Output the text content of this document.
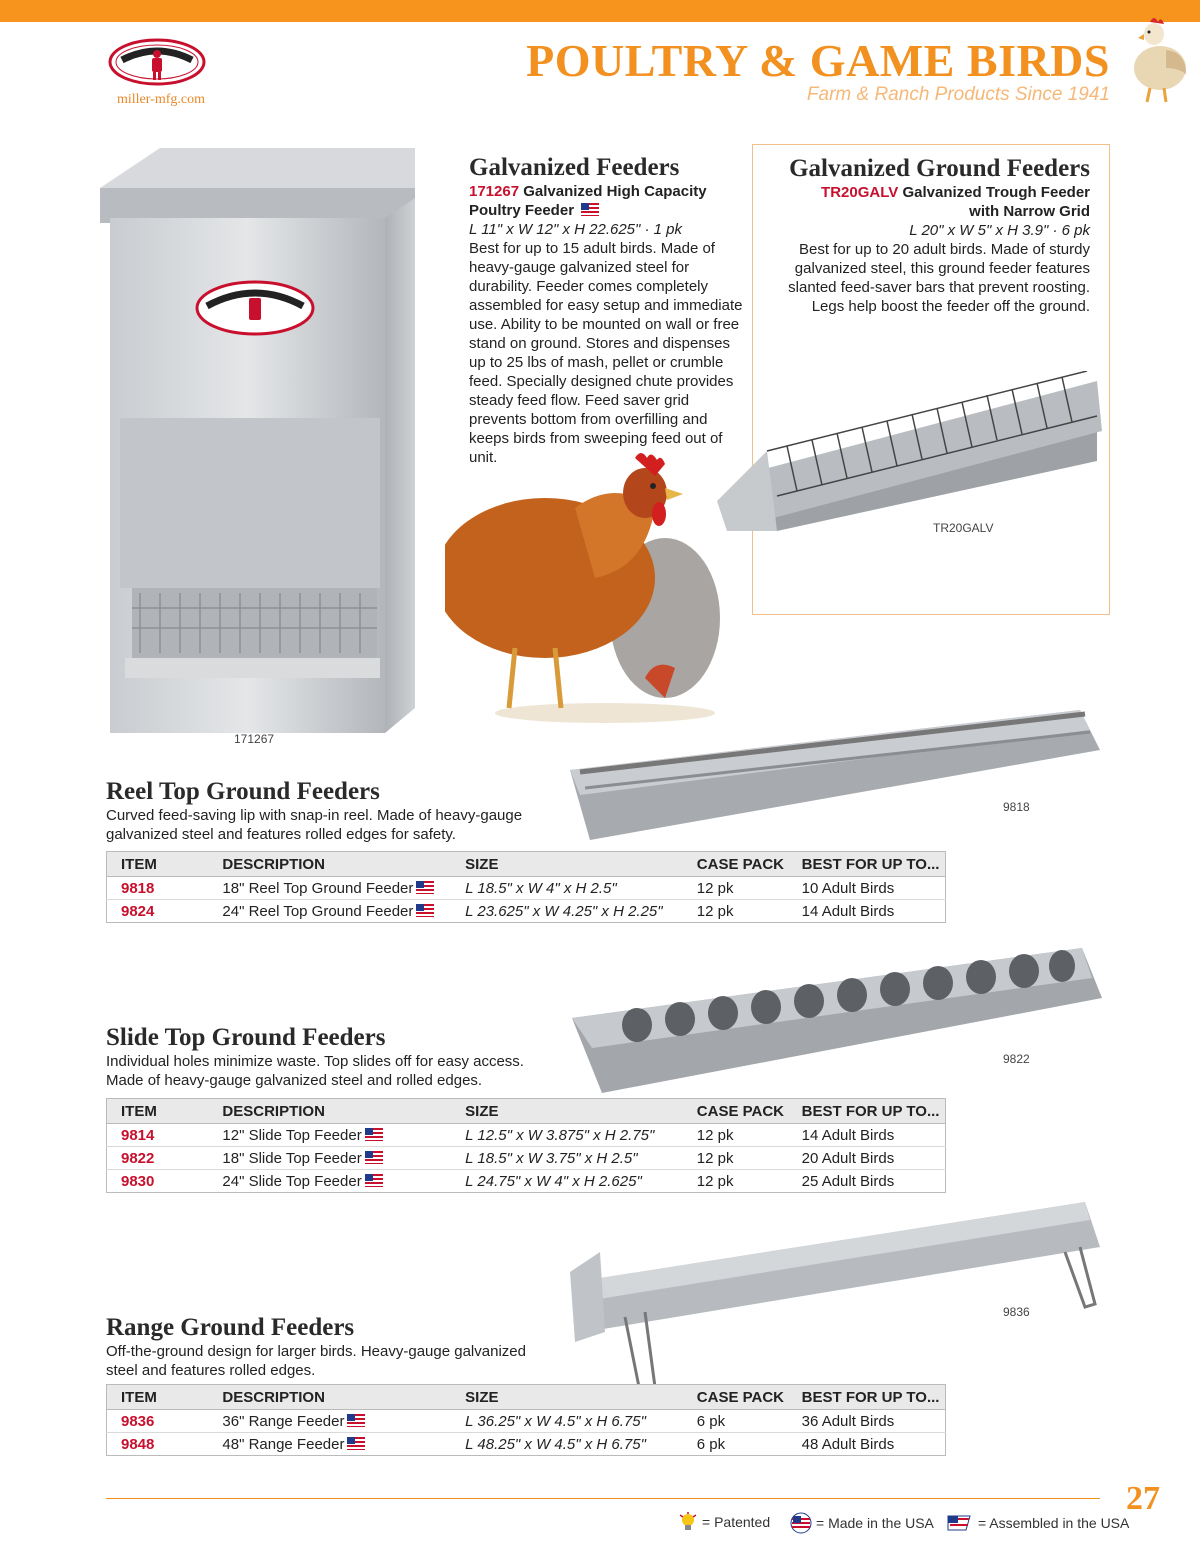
miller-mfg.com
POULTRY & GAME BIRDS
Farm & Ranch Products Since 1941
171267
Galvanized Feeders
171267 Galvanized High Capacity
Poultry Feeder
L 11" x W 12" x H 22.625" · 1 pk
Best for up to 15 adult birds. Made of heavy-gauge galvanized steel for durability. Feeder comes completely assembled for easy setup and immediate use. Ability to be mounted on wall or free stand on ground. Stores and dispenses up to 25 lbs of mash, pellet or crumble feed. Specially designed chute provides steady feed flow. Feed saver grid prevents bottom from overfilling and keeps birds from sweeping feed out of unit.
Galvanized Ground Feeders
TR20GALV Galvanized Trough Feeder
with Narrow Grid
L 20" x W 5" x H 3.9" · 6 pk
Best for up to 20 adult birds. Made of sturdy galvanized steel, this ground feeder features slanted feed-saver bars that prevent roosting. Legs help boost the feeder off the ground.
TR20GALV
9818
Reel Top Ground Feeders
Curved feed-saving lip with snap-in reel. Made of heavy-gauge galvanized steel and features rolled edges for safety.
ITEM	DESCRIPTION	SIZE	CASE PACK	BEST FOR UP TO...
9818	18" Reel Top Ground Feeder	L 18.5" x W 4" x H 2.5"	12 pk	10 Adult Birds
9824	24" Reel Top Ground Feeder	L 23.625" x W 4.25" x H 2.25"	12 pk	14 Adult Birds
9822
Slide Top Ground Feeders
Individual holes minimize waste. Top slides off for easy access. Made of heavy-gauge galvanized steel and rolled edges.
ITEM	DESCRIPTION	SIZE	CASE PACK	BEST FOR UP TO...
9814	12" Slide Top Feeder	L 12.5" x W 3.875" x H 2.75"	12 pk	14 Adult Birds
9822	18" Slide Top Feeder	L 18.5" x W 3.75" x H 2.5"	12 pk	20 Adult Birds
9830	24" Slide Top Feeder	L 24.75" x W 4" x H 2.625"	12 pk	25 Adult Birds
9836
Range Ground Feeders
Off-the-ground design for larger birds. Heavy-gauge galvanized steel and features rolled edges.
ITEM	DESCRIPTION	SIZE	CASE PACK	BEST FOR UP TO...
9836	36" Range Feeder	L 36.25" x W 4.5" x H 6.75"	6 pk	36 Adult Birds
9848	48" Range Feeder	L 48.25" x W 4.5" x H 6.75"	6 pk	48 Adult Birds
27
= Patented	= Made in the USA	= Assembled in the USA
